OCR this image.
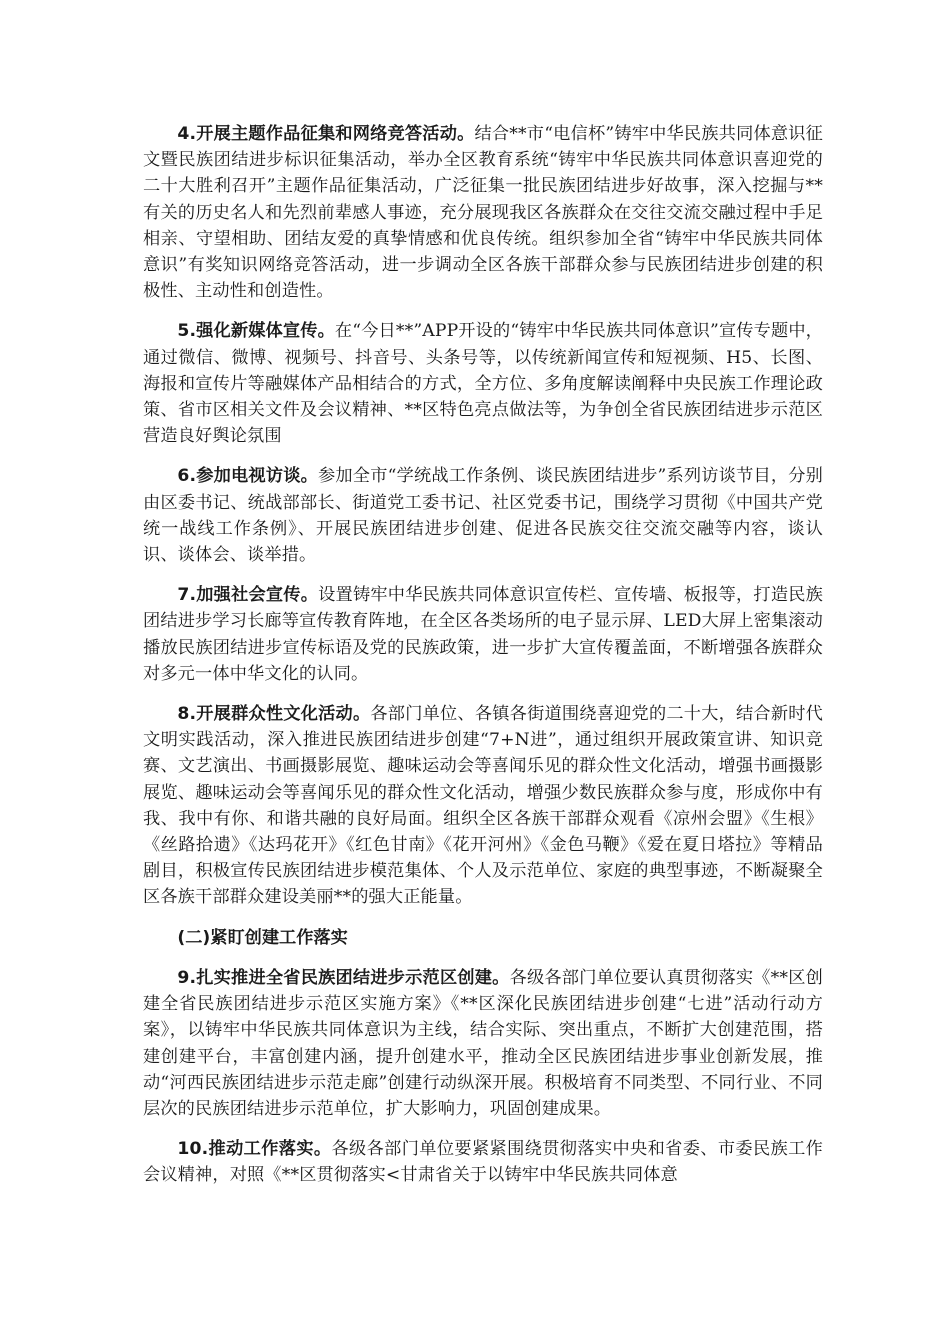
4.开展主题作品征集和网络竞答活动。结合**市“电信杯”铸牢中华民族共同体意识征文暨民族团结进步标识征集活动，举办全区教育系统“铸牢中华民族共同体意识喜迎党的二十大胜利召开”主题作品征集活动，广泛征集一批民族团结进步好故事，深入挖掘与**有关的历史名人和先烈前辈感人事迹，充分展现我区各族群众在交往交流交融过程中手足相亲、守望相助、团结友爱的真挚情感和优良传统。组织参加全省“铸牢中华民族共同体意识”有奖知识网络竞答活动，进一步调动全区各族干部群众参与民族团结进步创建的积极性、主动性和创造性。

5.强化新媒体宣传。在“今日**”APP开设的“铸牢中华民族共同体意识”宣传专题中，通过微信、微博、视频号、抖音号、头条号等，以传统新闻宣传和短视频、H5、长图、海报和宣传片等融媒体产品相结合的方式，全方位、多角度解读阐释中央民族工作理论政策、省市区相关文件及会议精神、**区特色亮点做法等，为争创全省民族团结进步示范区营造良好舆论氛围

6.参加电视访谈。参加全市“学统战工作条例、谈民族团结进步”系列访谈节目，分别由区委书记、统战部部长、街道党工委书记、社区党委书记，围绕学习贯彻《中国共产党统一战线工作条例》、开展民族团结进步创建、促进各民族交往交流交融等内容，谈认识、谈体会、谈举措。

7.加强社会宣传。设置铸牢中华民族共同体意识宣传栏、宣传墙、板报等，打造民族团结进步学习长廊等宣传教育阵地，在全区各类场所的电子显示屏、LED大屏上密集滚动播放民族团结进步宣传标语及党的民族政策，进一步扩大宣传覆盖面，不断增强各族群众对多元一体中华文化的认同。

8.开展群众性文化活动。各部门单位、各镇各街道围绕喜迎党的二十大，结合新时代文明实践活动，深入推进民族团结进步创建“7+N进”，通过组织开展政策宣讲、知识竞赛、文艺演出、书画摄影展览、趣味运动会等喜闻乐见的群众性文化活动，增强书画摄影展览、趣味运动会等喜闻乐见的群众性文化活动，增强少数民族群众参与度，形成你中有我、我中有你、和谐共融的良好局面。组织全区各族干部群众观看《凉州会盟》《生根》《丝路拾遗》《达玛花开》《红色甘南》《花开河州》《金色马鞭》《爱在夏日塔拉》等精品剧目，积极宣传民族团结进步模范集体、个人及示范单位、家庭的典型事迹，不断凝聚全区各族干部群众建设美丽**的强大正能量。

(二)紧盯创建工作落实

9.扎实推进全省民族团结进步示范区创建。各级各部门单位要认真贯彻落实《**区创建全省民族团结进步示范区实施方案》《**区深化民族团结进步创建“七进”活动行动方案》，以铸牢中华民族共同体意识为主线，结合实际、突出重点，不断扩大创建范围，搭建创建平台，丰富创建内涵，提升创建水平，推动全区民族团结进步事业创新发展，推动“河西民族团结进步示范走廊”创建行动纵深开展。积极培育不同类型、不同行业、不同层次的民族团结进步示范单位，扩大影响力，巩固创建成果。

10.推动工作落实。各级各部门单位要紧紧围绕贯彻落实中央和省委、市委民族工作会议精神，对照《**区贯彻落实<甘肃省关于以铸牢中华民族共同体意
